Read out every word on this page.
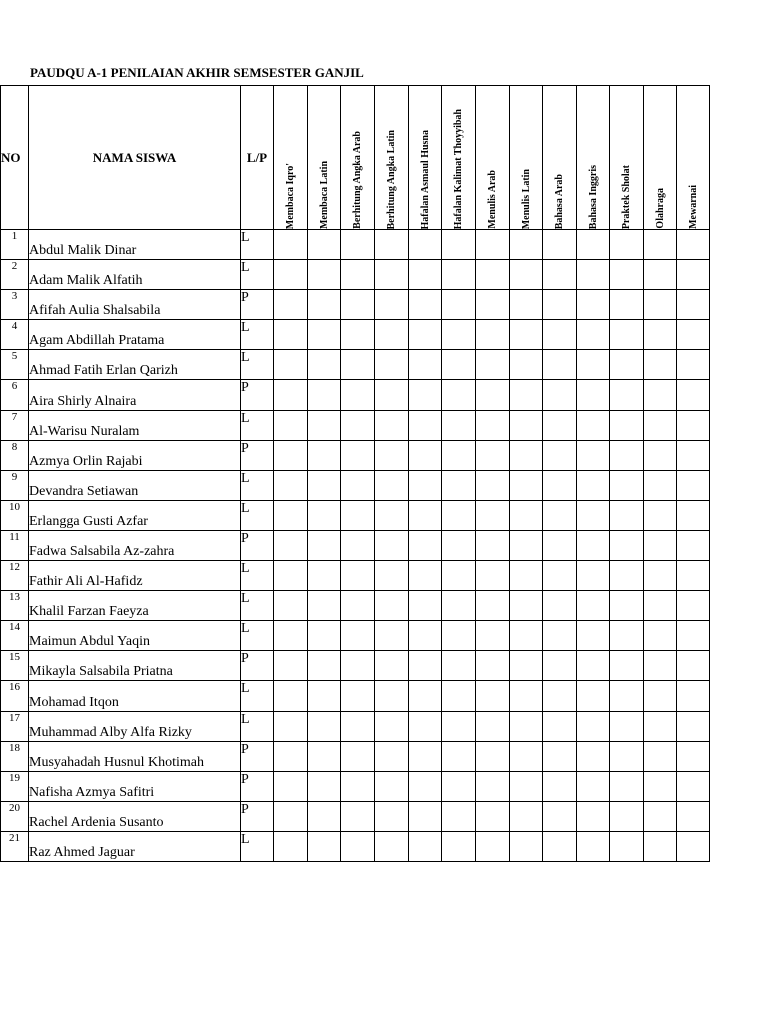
PAUDQU A-1 PENILAIAN AKHIR SEMSESTER GANJIL
NO	NAMA SISWA	L/P	Membaca Iqro'	Membaca Latin	Berhitung Angka Arab	Berhitung Angka Latin	Hafalan Asmaul Husna	Hafalan Kalimat Thoyyibah	Menulis Arab	Menulis Latin	Bahasa Arab	Bahasa Inggris	Praktek Sholat	Olahraga	Mewarnai

1	Abdul Malik Dinar	L													
2	Adam Malik Alfatih	L													
3	Afifah Aulia Shalsabila	P													
4	Agam Abdillah Pratama	L													
5	Ahmad Fatih Erlan Qarizh	L													
6	Aira Shirly Alnaira	P													
7	Al-Warisu Nuralam	L													
8	Azmya Orlin Rajabi	P													
9	Devandra Setiawan	L													
10	Erlangga Gusti Azfar	L													
11	Fadwa Salsabila Az-zahra	P													
12	Fathir Ali Al-Hafidz	L													
13	Khalil Farzan Faeyza	L													
14	Maimun Abdul Yaqin	L													
15	Mikayla Salsabila Priatna	P													
16	Mohamad Itqon	L													
17	Muhammad Alby Alfa Rizky	L													
18	Musyahadah Husnul Khotimah	P													
19	Nafisha Azmya Safitri	P													
20	Rachel Ardenia Susanto	P													
21	Raz Ahmed Jaguar	L													
